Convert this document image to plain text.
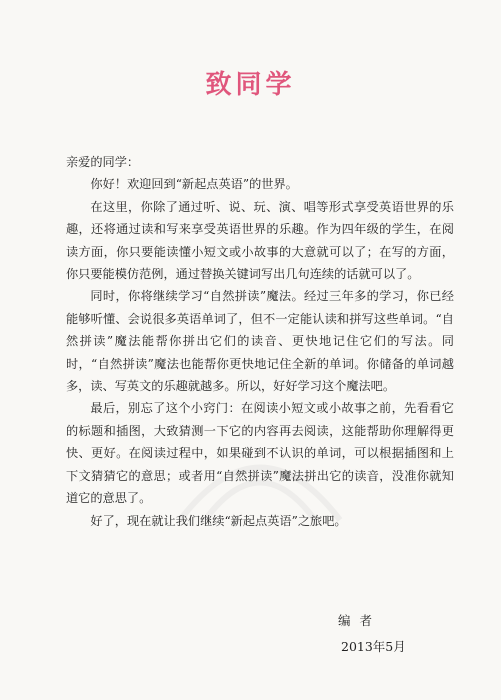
致同学

亲爱的同学：

你好！欢迎回到“新起点英语”的世界。

在这里，你除了通过听、说、玩、演、唱等形式享受英语世界的乐趣，还将通过读和写来享受英语世界的乐趣。作为四年级的学生，在阅读方面，你只要能读懂小短文或小故事的大意就可以了；在写的方面，你只要能模仿范例，通过替换关键词写出几句连续的话就可以了。

同时，你将继续学习“自然拼读”魔法。经过三年多的学习，你已经能够听懂、会说很多英语单词了，但不一定能认读和拼写这些单词。“自然拼读”魔法能帮你拼出它们的读音、更快地记住它们的写法。同时，“自然拼读”魔法也能帮你更快地记住全新的单词。你储备的单词越多，读、写英文的乐趣就越多。所以，好好学习这个魔法吧。

最后，别忘了这个小窍门：在阅读小短文或小故事之前，先看看它的标题和插图，大致猜测一下它的内容再去阅读，这能帮助你理解得更快、更好。在阅读过程中，如果碰到不认识的单词，可以根据插图和上下文猜猜它的意思；或者用“自然拼读”魔法拼出它的读音，没准你就知道它的意思了。

好了，现在就让我们继续“新起点英语”之旅吧。

编者
2013年5月
